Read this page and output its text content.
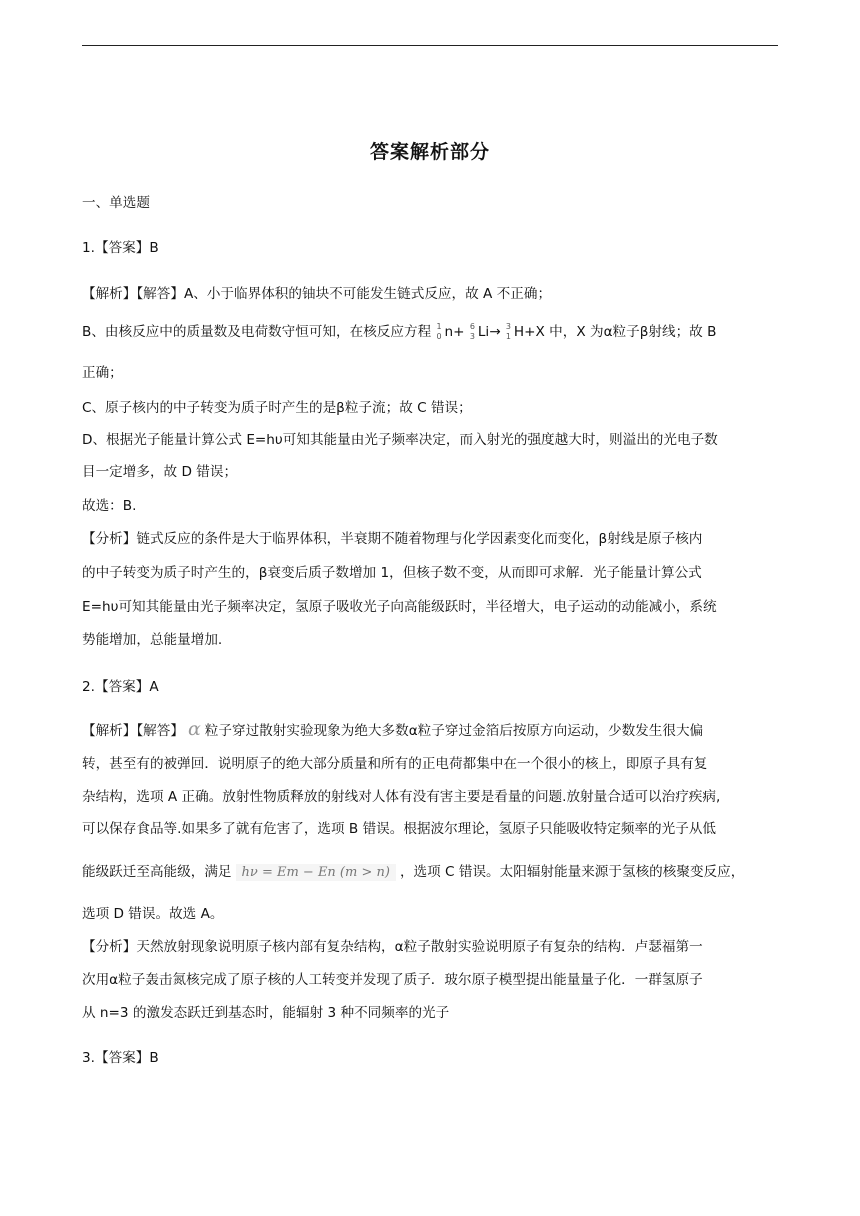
答案解析部分
一、单选题
1.【答案】B
【解析】【解答】A、小于临界体积的铀块不可能发生链式反应，故 A 不正确；
B、由核反应中的质量数及电荷数守恒可知，在核反应方程 1
0 n+ 6
3 Li→ 3
1 H+X 中，X 为α粒子β射线；故 B
正确；
C、原子核内的中子转变为质子时产生的是β粒子流；故 C 错误；
D、根据光子能量计算公式 E=hυ可知其能量由光子频率决定，而入射光的强度越大时，则溢出的光电子数
目一定增多，故 D 错误；
故选：B.
【分析】链式反应的条件是大于临界体积，半衰期不随着物理与化学因素变化而变化，β射线是原子核内
的中子转变为质子时产生的，β衰变后质子数增加 1，但核子数不变，从而即可求解．光子能量计算公式
E=hυ可知其能量由光子频率决定，氢原子吸收光子向高能级跃时，半径增大，电子运动的动能减小，系统
势能增加，总能量增加.
2.【答案】A
【解析】【解答】 α 粒子穿过散射实验现象为绝大多数α粒子穿过金箔后按原方向运动，少数发生很大偏
转，甚至有的被弹回．说明原子的绝大部分质量和所有的正电荷都集中在一个很小的核上，即原子具有复
杂结构，选项 A 正确。放射性物质释放的射线对人体有没有害主要是看量的问题.放射量合适可以治疗疾病,
可以保存食品等.如果多了就有危害了，选项 B 错误。根据波尔理论，氢原子只能吸收特定频率的光子从低
能级跃迁至高能级，满足 hν = Em − En (m > n) ，选项 C 错误。太阳辐射能量来源于氢核的核聚变反应，
选项 D 错误。故选 A。
【分析】天然放射现象说明原子核内部有复杂结构，α粒子散射实验说明原子有复杂的结构．卢瑟福第一
次用α粒子轰击氮核完成了原子核的人工转变并发现了质子．玻尔原子模型提出能量量子化．一群氢原子
从 n=3 的激发态跃迁到基态时，能辐射 3 种不同频率的光子
3.【答案】B
